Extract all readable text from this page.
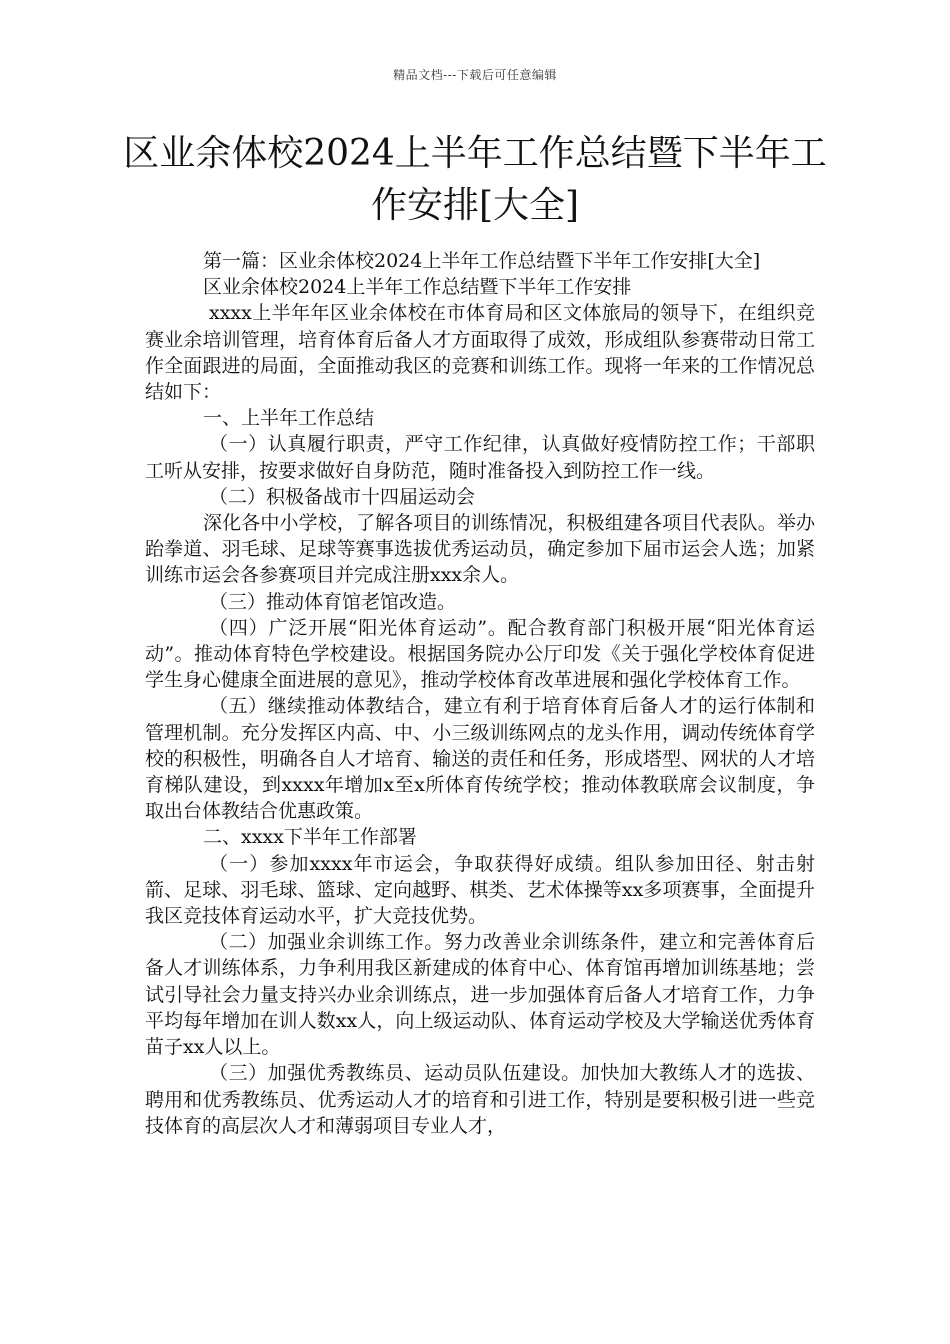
精品文档---下载后可任意编辑
区业余体校2024上半年工作总结暨下半年工作安排[大全]

第一篇：区业余体校2024上半年工作总结暨下半年工作安排[大全]

区业余体校2024上半年工作总结暨下半年工作安排

xxxx上半年年区业余体校在市体育局和区文体旅局的领导下，在组织竞赛业余培训管理，培育体育后备人才方面取得了成效，形成组队参赛带动日常工作全面跟进的局面，全面推动我区的竞赛和训练工作。现将一年来的工作情况总结如下：

一、上半年工作总结

（一）认真履行职责，严守工作纪律，认真做好疫情防控工作；干部职工听从安排，按要求做好自身防范，随时准备投入到防控工作一线。

（二）积极备战市十四届运动会

深化各中小学校，了解各项目的训练情况，积极组建各项目代表队。举办跆拳道、羽毛球、足球等赛事选拔优秀运动员，确定参加下届市运会人选；加紧训练市运会各参赛项目并完成注册xxx余人。

（三）推动体育馆老馆改造。

（四）广泛开展“阳光体育运动”。配合教育部门积极开展“阳光体育运动”。推动体育特色学校建设。根据国务院办公厅印发《关于强化学校体育促进学生身心健康全面进展的意见》，推动学校体育改革进展和强化学校体育工作。

（五）继续推动体教结合，建立有利于培育体育后备人才的运行体制和管理机制。充分发挥区内高、中、小三级训练网点的龙头作用，调动传统体育学校的积极性，明确各自人才培育、输送的责任和任务，形成塔型、网状的人才培育梯队建设，到xxxx年增加x至x所体育传统学校；推动体教联席会议制度，争取出台体教结合优惠政策。

二、xxxx下半年工作部署

（一）参加xxxx年市运会，争取获得好成绩。组队参加田径、射击射箭、足球、羽毛球、篮球、定向越野、棋类、艺术体操等xx多项赛事，全面提升我区竞技体育运动水平，扩大竞技优势。

（二）加强业余训练工作。努力改善业余训练条件，建立和完善体育后备人才训练体系，力争利用我区新建成的体育中心、体育馆再增加训练基地；尝试引导社会力量支持兴办业余训练点，进一步加强体育后备人才培育工作，力争平均每年增加在训人数xx人，向上级运动队、体育运动学校及大学输送优秀体育苗子xx人以上。

（三）加强优秀教练员、运动员队伍建设。加快加大教练人才的选拔、聘用和优秀教练员、优秀运动人才的培育和引进工作，特别是要积极引进一些竞技体育的高层次人才和薄弱项目专业人才，
